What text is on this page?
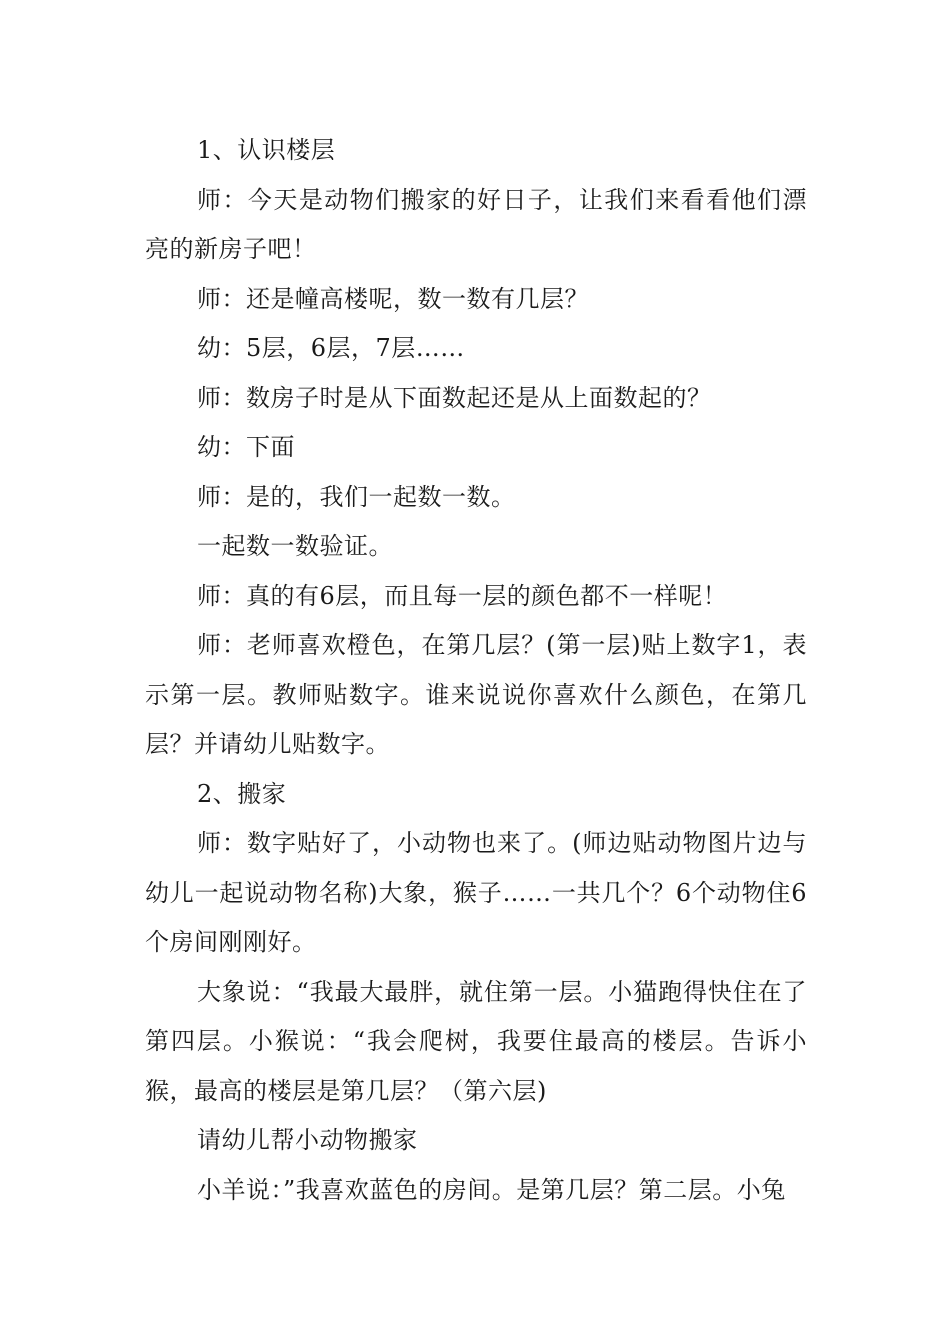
1、认识楼层

师：今天是动物们搬家的好日子，让我们来看看他们漂亮的新房子吧！

师：还是幢高楼呢，数一数有几层？

幼：5层，6层，7层……

师：数房子时是从下面数起还是从上面数起的？

幼：下面

师：是的，我们一起数一数。

一起数一数验证。

师：真的有6层，而且每一层的颜色都不一样呢！

师：老师喜欢橙色，在第几层？(第一层)贴上数字1，表示第一层。教师贴数字。谁来说说你喜欢什么颜色，在第几层？并请幼儿贴数字。

2、搬家

师：数字贴好了，小动物也来了。(师边贴动物图片边与幼儿一起说动物名称)大象，猴子……一共几个？6个动物住6个房间刚刚好。

大象说：“我最大最胖，就住第一层。小猫跑得快住在了第四层。小猴说：“我会爬树，我要住最高的楼层。告诉小猴，最高的楼层是第几层？（第六层)

请幼儿帮小动物搬家

小羊说：”我喜欢蓝色的房间。是第几层？第二层。小兔
